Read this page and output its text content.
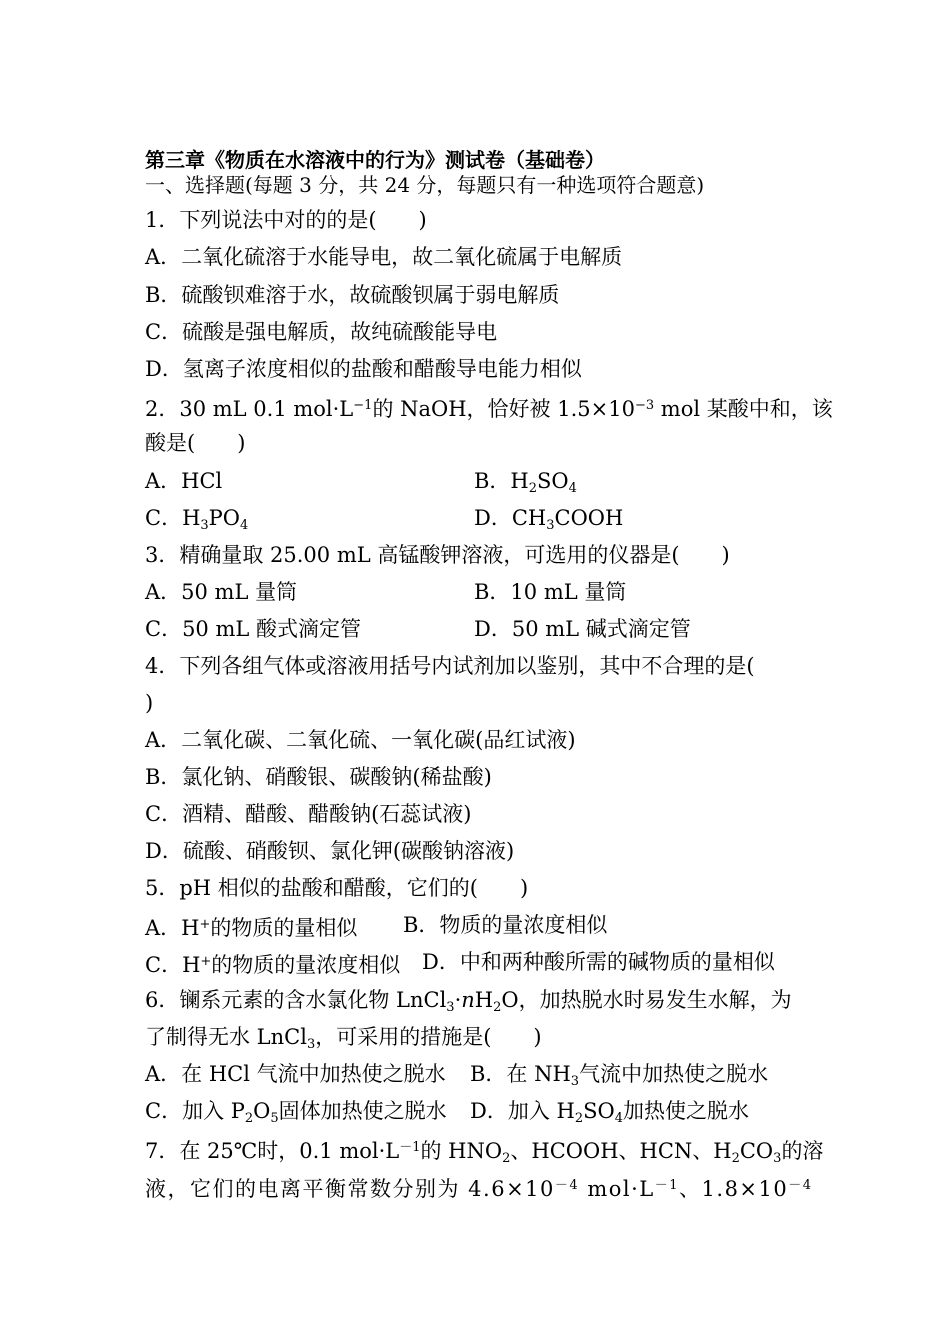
第三章《物质在水溶液中的行为》测试卷（基础卷）
一、选择题(每题 3 分，共 24 分，每题只有一种选项符合题意)
1．下列说法中对的的是(　　)
A．二氧化硫溶于水能导电，故二氧化硫属于电解质
B．硫酸钡难溶于水，故硫酸钡属于弱电解质
C．硫酸是强电解质，故纯硫酸能导电
D．氢离子浓度相似的盐酸和醋酸导电能力相似
2．30 mL 0.1 $mol\cdot L^{-1}$的 NaOH，恰好被 $1.5\times 10^{-3}$ mol 某酸中和，该
酸是(　　)
A．HCl	B．$H_2SO_4$
C．$H_3PO_4$	D．$CH_3COOH$
3．精确量取 25.00 mL 高锰酸钾溶液，可选用的仪器是(　　)
A．50 mL 量筒	B．10 mL 量筒
C．50 mL 酸式滴定管	D．50 mL 碱式滴定管
4．下列各组气体或溶液用括号内试剂加以鉴别，其中不合理的是(
)
A．二氧化碳、二氧化硫、一氧化碳(品红试液)
B．氯化钠、硝酸银、碳酸钠(稀盐酸)
C．酒精、醋酸、醋酸钠(石蕊试液)
D．硫酸、硝酸钡、氯化钾(碳酸钠溶液)
5．pH 相似的盐酸和醋酸，它们的(　　)
A．H+的物质的量相似 B．物质的量浓度相似
C．H+的物质的量浓度相似 D．中和两种酸所需的碱物质的量相似
6．镧系元素的含水氯化物 $LnCl_3\cdot nH_2O$，加热脱水时易发生水解，为
了制得无水 LnCl$_3$，可采用的措施是(　　)
A．在 HCl 气流中加热使之脱水 B．在 $NH_3$气流中加热使之脱水
C．加入 $P_2O_5$固体加热使之脱水 D．加入 $H_2SO_4$加热使之脱水
7．在 25℃时，0.1 $mol\cdot L^{-1}$的 $HNO_2$、HCOOH、HCN、$H_2CO_3$的溶
液，它们的电离平衡常数分别为 $4.6\times 10^{-4}$ $mol\cdot L^{-1}$、$1.8\times 10^{-4}$
